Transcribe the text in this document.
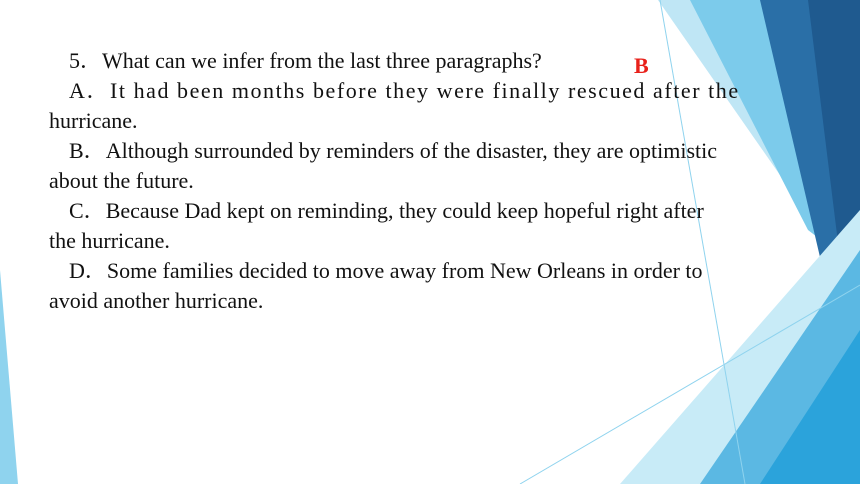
5．What can we infer from the last three paragraphs?
A．It had been months before they were finally rescued after the
hurricane.
B．Although surrounded by reminders of the disaster, they are optimistic
about the future.
C．Because Dad kept on reminding, they could keep hopeful right after
the hurricane.
D．Some families decided to move away from New Orleans in order to
avoid another hurricane.
B
